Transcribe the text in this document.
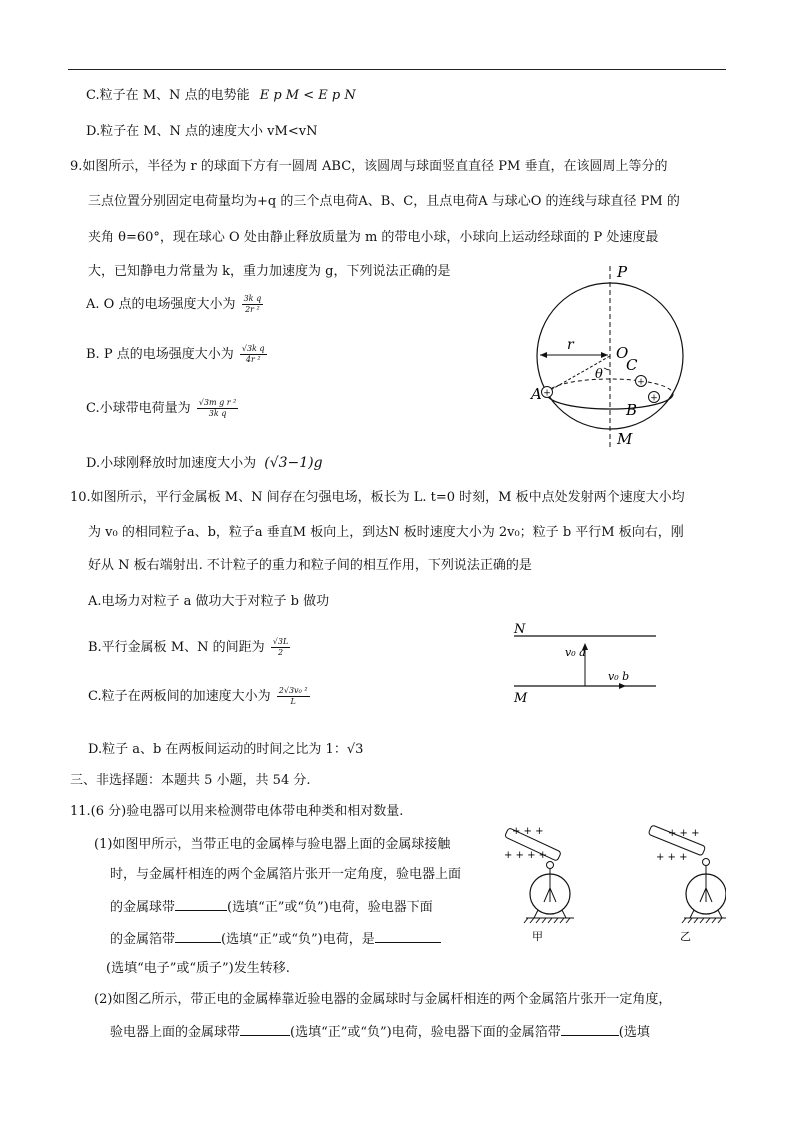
C.粒子在 M、N 点的电势能 E p M < E p N
D.粒子在 M、N 点的速度大小 vM<vN
9.如图所示，半径为 r 的球面下方有一圆周 ABC，该圆周与球面竖直直径 PM 垂直，在该圆周上等分的
三点位置分别固定电荷量均为+q 的三个点电荷A、B、C，且点电荷A 与球心O 的连线与球直径 PM 的
夹角 θ=60°，现在球心 O 处由静止释放质量为 m 的带电小球，小球向上运动经球面的 P 处速度最
大，已知静电力常量为 k，重力加速度为 g，下列说法正确的是
A. O 点的电场强度大小为 $\frac{\text{3k q}}{\text{2r ²}}$
B. P 点的电场强度大小为 $\frac{\text{√3k q}}{\text{4r ²}}$
C.小球带电荷量为 $\frac{\text{√3m g r ²}}{\text{3k q}}$
D.小球刚释放时加速度大小为 (√3−1)g
+
+
+
P
M
O
C
A
B
r
θ
10.如图所示，平行金属板 M、N 间存在匀强电场，板长为 L. t=0 时刻，M 板中点处发射两个速度大小均
为 v₀ 的相同粒子a、b，粒子a 垂直M 板向上，到达N 板时速度大小为 2v₀；粒子 b 平行M 板向右，刚
好从 N 板右端射出. 不计粒子的重力和粒子间的相互作用，下列说法正确的是
A.电场力对粒子 a 做功大于对粒子 b 做功
B.平行金属板 M、N 的间距为 $\frac{√3L}{2}$
C.粒子在两板间的加速度大小为 $\frac{\text{2√3v₀ ²}}{L}$
D.粒子 a、b 在两板间运动的时间之比为 1：√3
N
M
v₀ a
v₀ b
三、非选择题：本题共 5 小题，共 54 分.
11.(6 分)验电器可以用来检测带电体带电种类和相对数量.
(1)如图甲所示，当带正电的金属棒与验电器上面的金属球接触
时，与金属杆相连的两个金属箔片张开一定角度，验电器上面
的金属球带	(选填“正”或“负”)电荷，验电器下面
的金属箔带	(选填“正”或“负”)电荷，是
(选填“电子”或“质子”)发生转移.
(2)如图乙所示，带正电的金属棒靠近验电器的金属球时与金属杆相连的两个金属箔片张开一定角度，
验电器上面的金属球带	(选填“正”或“负”)电荷，验电器下面的金属箔带	(选填
+ + +
+ + + +
甲
+ + +
+ + +
乙
